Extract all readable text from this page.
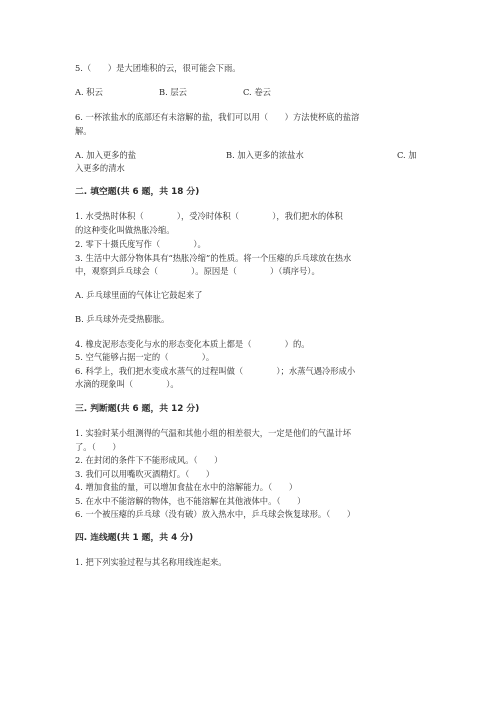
5.（　　）是大团堆积的云，很可能会下雨。
A. 积云	B. 层云	C. 卷云
6. 一杯浓盐水的底部还有未溶解的盐，我们可以用（　　）方法使杯底的盐溶
解。
A. 加入更多的盐	B. 加入更多的浓盐水	C. 加
入更多的清水
二. 填空题(共 6 题，共 18 分)
1. 水受热时体积（　　　　），受冷时体积（　　　　），我们把水的体积
的这种变化叫做热胀冷缩。
2. 零下十摄氏度写作（　　　　）。
3. 生活中大部分物体具有“热胀冷缩”的性质。将一个压瘪的乒乓球放在热水
中，观察到乒乓球会（　　　　）。原因是（　　　　）（填序号）。
A. 乒乓球里面的气体让它鼓起来了
B. 乒乓球外壳受热膨胀。
4. 橡皮泥形态变化与水的形态变化本质上都是（　　　　）的。
5. 空气能够占据一定的（　　　　）。
6. 科学上，我们把水变成水蒸气的过程叫做（　　　　）；水蒸气遇冷形成小
水滴的现象叫（　　　　）。
三. 判断题(共 6 题，共 12 分)
1. 实验时某小组测得的气温和其他小组的相差很大，一定是他们的气温计坏
了。（　　）
2. 在封闭的条件下不能形成风。（　　）
3. 我们可以用嘴吹灭酒精灯。（　　）
4. 增加食盐的量，可以增加食盐在水中的溶解能力。（　　）
5. 在水中不能溶解的物体，也不能溶解在其他液体中。（　　）
6. 一个被压瘪的乒乓球（没有破）放入热水中，乒乓球会恢复球形。（　　）
四. 连线题(共 1 题，共 4 分)
1. 把下列实验过程与其名称用线连起来。
